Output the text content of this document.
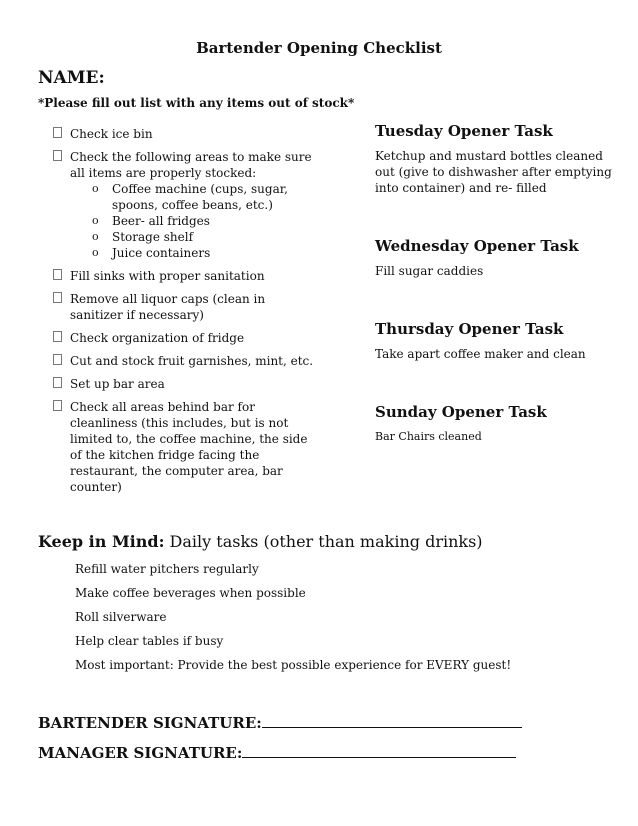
Bartender Opening Checklist
NAME:
*Please fill out list with any items out of stock*
Check ice bin
Check the following areas to make sure all items are properly stocked:
o Coffee machine (cups, sugar, spoons, coffee beans, etc.)
o Beer- all fridges
o Storage shelf
o Juice containers
Fill sinks with proper sanitation
Remove all liquor caps (clean in sanitizer if necessary)
Check organization of fridge
Cut and stock fruit garnishes, mint, etc.
Set up bar area
Check all areas behind bar for cleanliness (this includes, but is not limited to, the coffee machine, the side of the kitchen fridge facing the restaurant, the computer area, bar counter)
Tuesday Opener Task
Ketchup and mustard bottles cleaned out (give to dishwasher after emptying into container) and re- filled
Wednesday Opener Task
Fill sugar caddies
Thursday Opener Task
Take apart coffee maker and clean
Sunday Opener Task
Bar Chairs cleaned
Keep in Mind: Daily tasks (other than making drinks)
Refill water pitchers regularly
Make coffee beverages when possible
Roll silverware
Help clear tables if busy
Most important: Provide the best possible experience for EVERY guest!
BARTENDER SIGNATURE:
MANAGER SIGNATURE:
